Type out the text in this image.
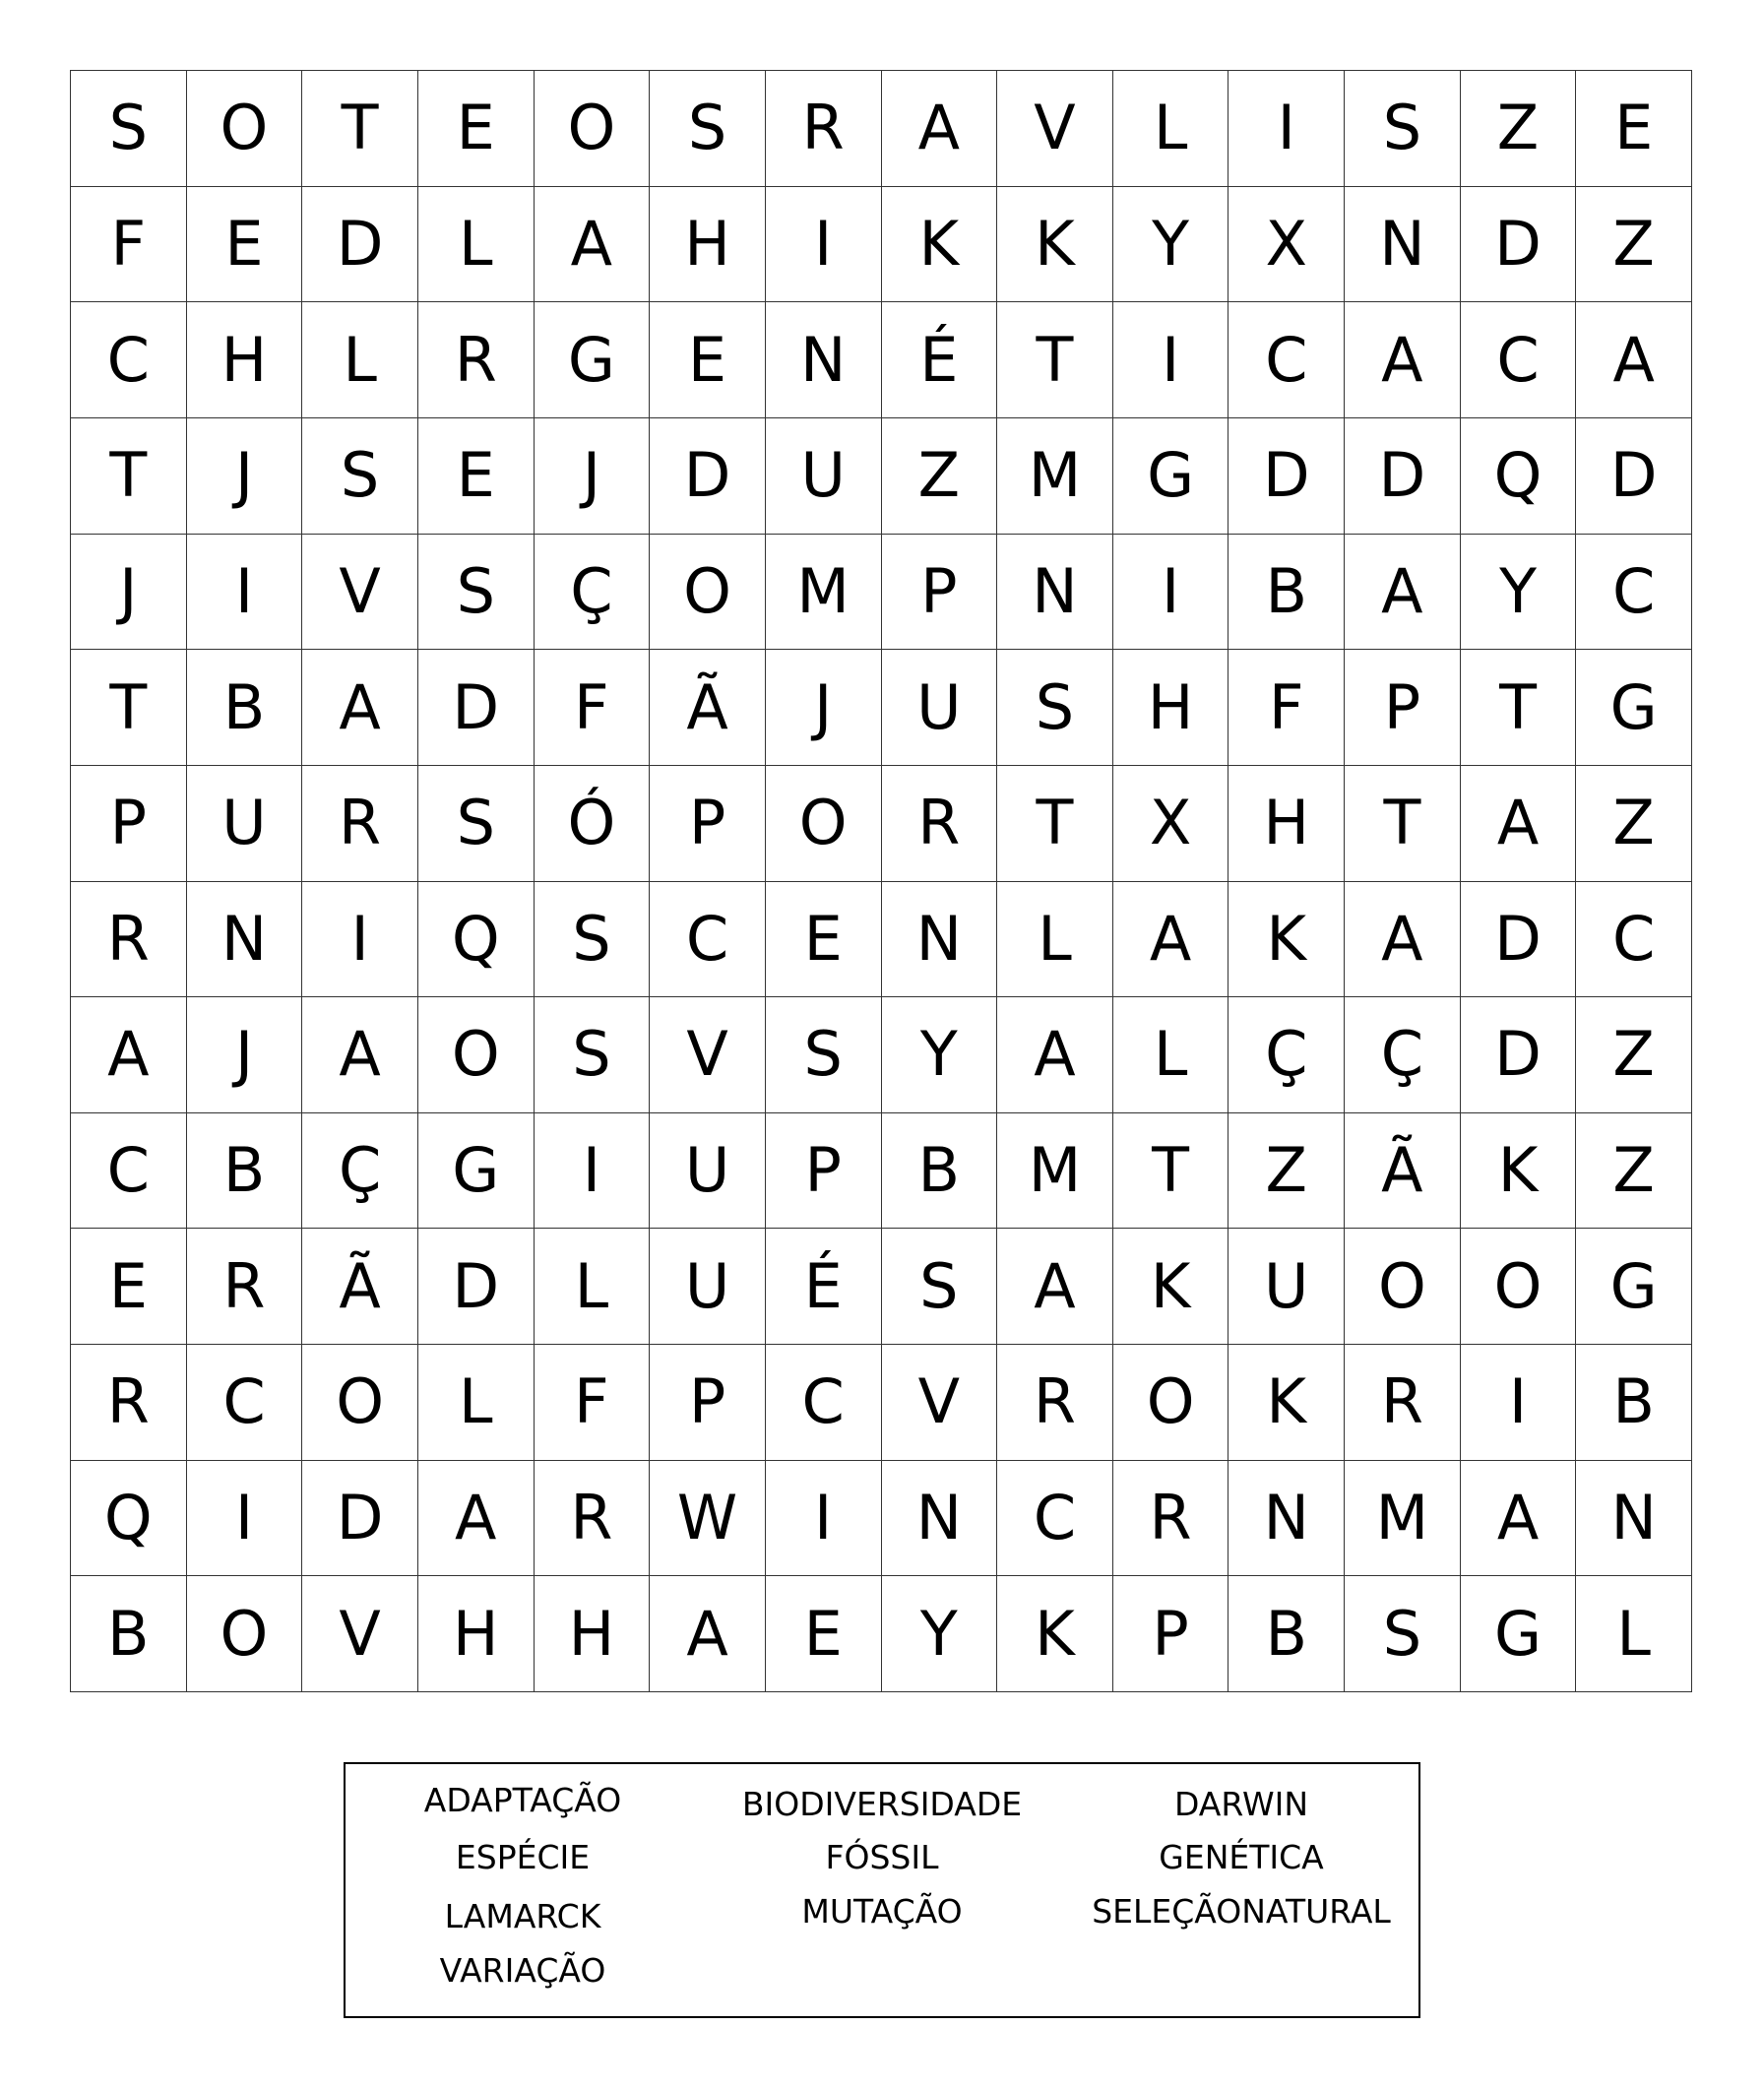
S	O	T	E	O	S	R	A	V	L	I	S	Z	E
F	E	D	L	A	H	I	K	K	Y	X	N	D	Z
C	H	L	R	G	E	N	É	T	I	C	A	C	A
T	J	S	E	J	D	U	Z	M	G	D	D	Q	D
J	I	V	S	Ç	O	M	P	N	I	B	A	Y	C
T	B	A	D	F	Ã	J	U	S	H	F	P	T	G
P	U	R	S	Ó	P	O	R	T	X	H	T	A	Z
R	N	I	Q	S	C	E	N	L	A	K	A	D	C
A	J	A	O	S	V	S	Y	A	L	Ç	Ç	D	Z
C	B	Ç	G	I	U	P	B	M	T	Z	Ã	K	Z
E	R	Ã	D	L	U	É	S	A	K	U	O	O	G
R	C	O	L	F	P	C	V	R	O	K	R	I	B
Q	I	D	A	R	W	I	N	C	R	N	M	A	N
B	O	V	H	H	A	E	Y	K	P	B	S	G	L
ADAPTAÇÃO
ESPÉCIE
LAMARCK
VARIAÇÃO
BIODIVERSIDADE
FÓSSIL
MUTAÇÃO
DARWIN
GENÉTICA
SELEÇÃONATURAL
